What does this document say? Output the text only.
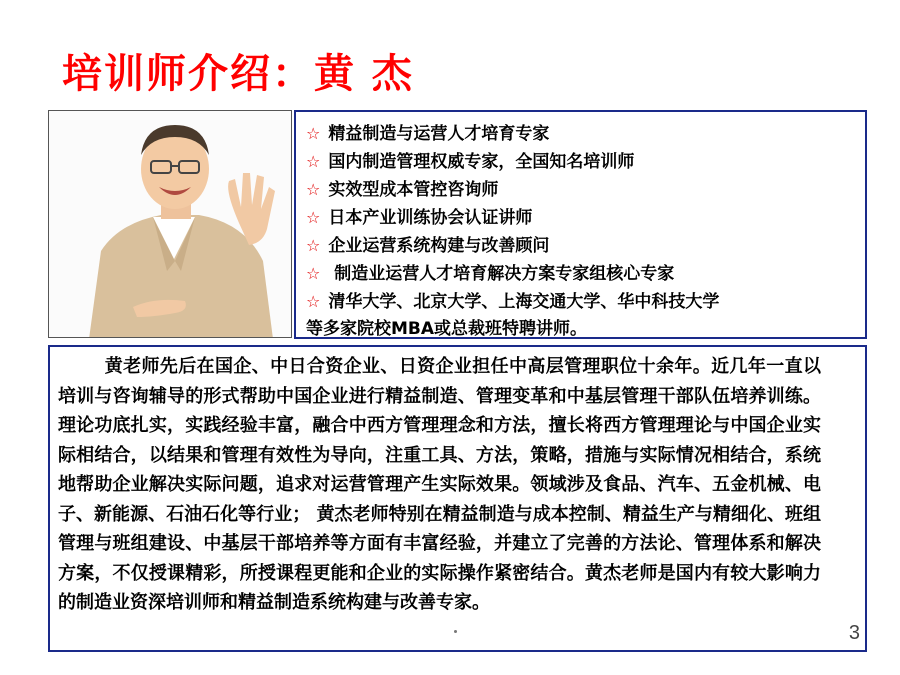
培训师介绍：黄 杰
☆ 精益制造与运营人才培育专家
☆ 国内制造管理权威专家，全国知名培训师
☆ 实效型成本管控咨询师
☆ 日本产业训练协会认证讲师
☆ 企业运营系统构建与改善顾问
☆ 制造业运营人才培育解决方案专家组核心专家
☆ 清华大学、北京大学、上海交通大学、华中科技大学
等多家院校MBA或总裁班特聘讲师。

黄老师先后在国企、中日合资企业、日资企业担任中高层管理职位十余年。近几年一直以培训与咨询辅导的形式帮助中国企业进行精益制造、管理变革和中基层管理干部队伍培养训练。理论功底扎实，实践经验丰富，融合中西方管理理念和方法，擅长将西方管理理论与中国企业实际相结合，以结果和管理有效性为导向，注重工具、方法，策略，措施与实际情况相结合，系统地帮助企业解决实际问题，追求对运营管理产生实际效果。领域涉及食品、汽车、五金机械、电子、新能源、石油石化等行业； 黄杰老师特别在精益制造与成本控制、精益生产与精细化、班组管理与班组建设、中基层干部培养等方面有丰富经验，并建立了完善的方法论、管理体系和解决方案，不仅授课精彩，所授课程更能和企业的实际操作紧密结合。黄杰老师是国内有较大影响力的制造业资深培训师和精益制造系统构建与改善专家。

3
